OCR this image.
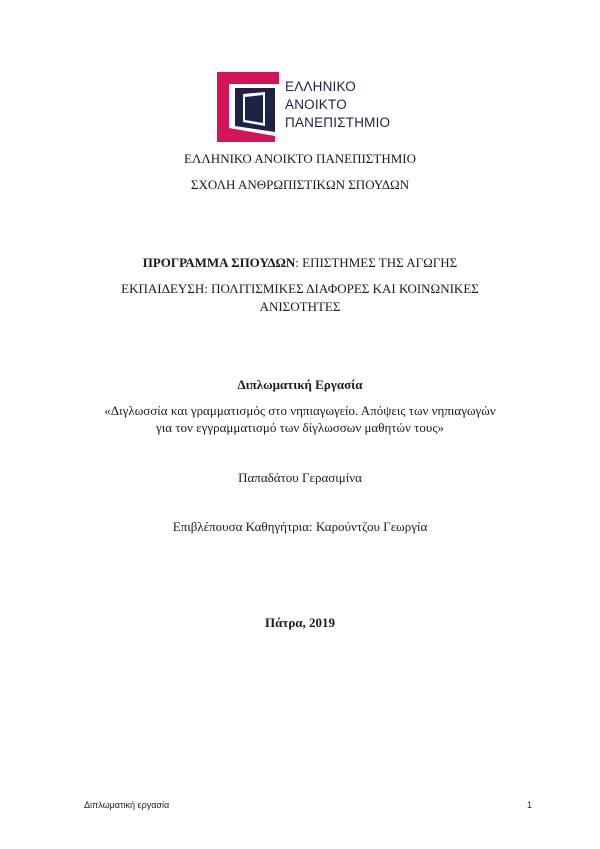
ΕΛΛΗΝΙΚΟ
ΑΝΟΙΚΤΟ
ΠΑΝΕΠΙΣΤΗΜΙΟ
ΕΛΛΗΝΙΚΟ ΑΝΟΙΚΤΟ ΠΑΝΕΠΙΣΤΗΜΙΟ
ΣΧΟΛΗ ΑΝΘΡΩΠΙΣΤΙΚΩΝ ΣΠΟΥΔΩΝ
ΠΡΟΓΡΑΜΜΑ ΣΠΟΥΔΩΝ: ΕΠΙΣΤΗΜΕΣ ΤΗΣ ΑΓΩΓΗΣ
ΕΚΠΑΙΔΕΥΣΗ: ΠΟΛΙΤΙΣΜΙΚΕΣ ΔΙΑΦΟΡΕΣ ΚΑΙ ΚΟΙΝΩΝΙΚΕΣ
ΑΝΙΣΟΤΗΤΕΣ
Διπλωματική Εργασία
«Διγλωσσία και γραμματισμός στο νηπιαγωγείο. Απόψεις των νηπιαγωγών
για τον εγγραμματισμό των δίγλωσσων μαθητών τους»
Παπαδάτου Γερασιμίνα
Επιβλέπουσα Καθηγήτρια: Καρούντζου Γεωργία
Πάτρα, 2019
Διπλωματική εργασία	1
